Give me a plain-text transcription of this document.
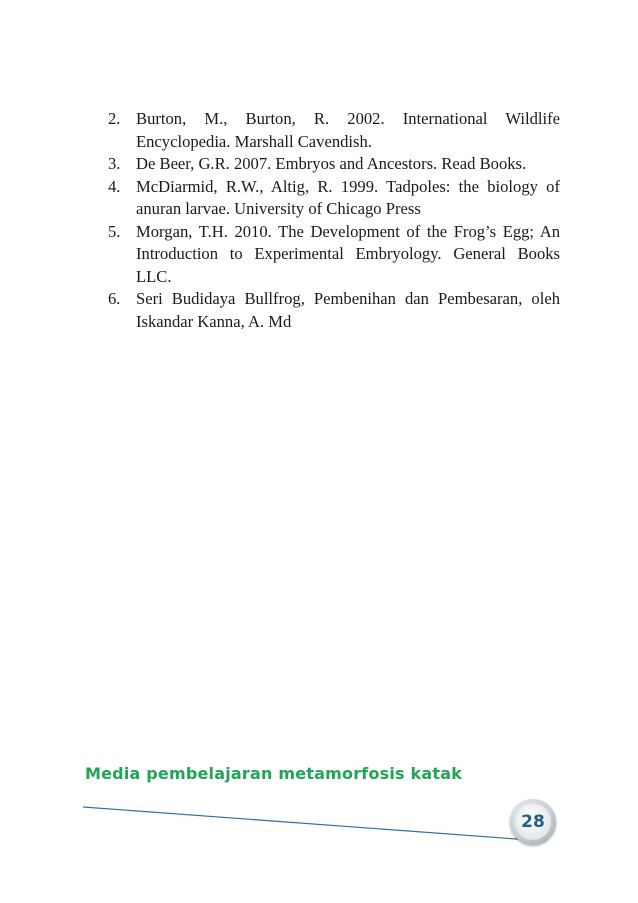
2. Burton, M., Burton, R. 2002. International Wildlife Encyclopedia. Marshall Cavendish.
3. De Beer, G.R. 2007. Embryos and Ancestors. Read Books.
4. McDiarmid, R.W., Altig, R. 1999. Tadpoles: the biology of anuran larvae. University of Chicago Press
5. Morgan, T.H. 2010. The Development of the Frog’s Egg; An Introduction to Experimental Embryology. General Books LLC.
6. Seri Budidaya Bullfrog, Pembenihan dan Pembesaran, oleh Iskandar Kanna, A. Md
Media pembelajaran metamorfosis katak
28
